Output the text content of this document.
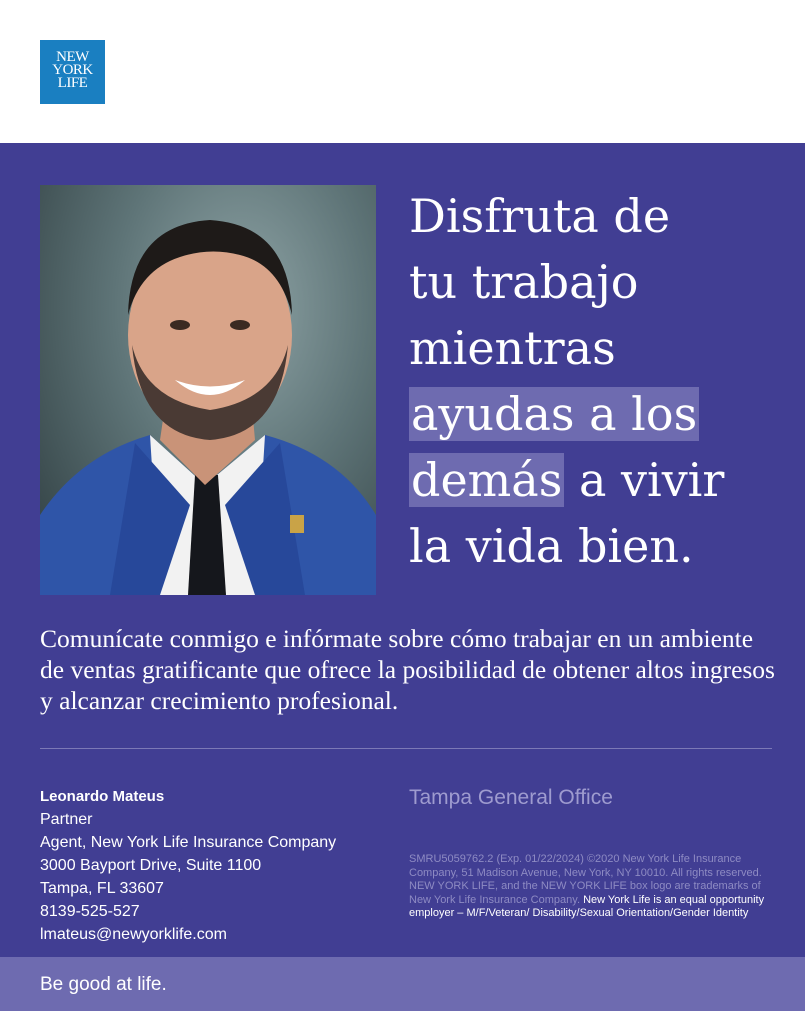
NEW
YORK
LIFE
Disfruta de
tu trabajo
mientras
ayudas a los
demás a vivir
la vida bien.

Comunícate conmigo e infórmate sobre cómo trabajar en un ambiente de ventas gratificante que ofrece la posibilidad de obtener altos ingresos y alcanzar crecimiento profesional.

Leonardo Mateus
Partner
Agent, New York Life Insurance Company
3000 Bayport Drive, Suite 1100
Tampa, FL 33607
8139-525-527
lmateus@newyorklife.com
Tampa General Office
SMRU5059762.2 (Exp. 01/22/2024) ©2020 New York Life Insurance Company, 51 Madison Avenue, New York, NY 10010. All rights reserved. NEW YORK LIFE, and the NEW YORK LIFE box logo are trademarks of New York Life Insurance Company. New York Life is an equal opportunity employer – M/F/Veteran/ Disability/Sexual Orientation/Gender Identity
Be good at life.
